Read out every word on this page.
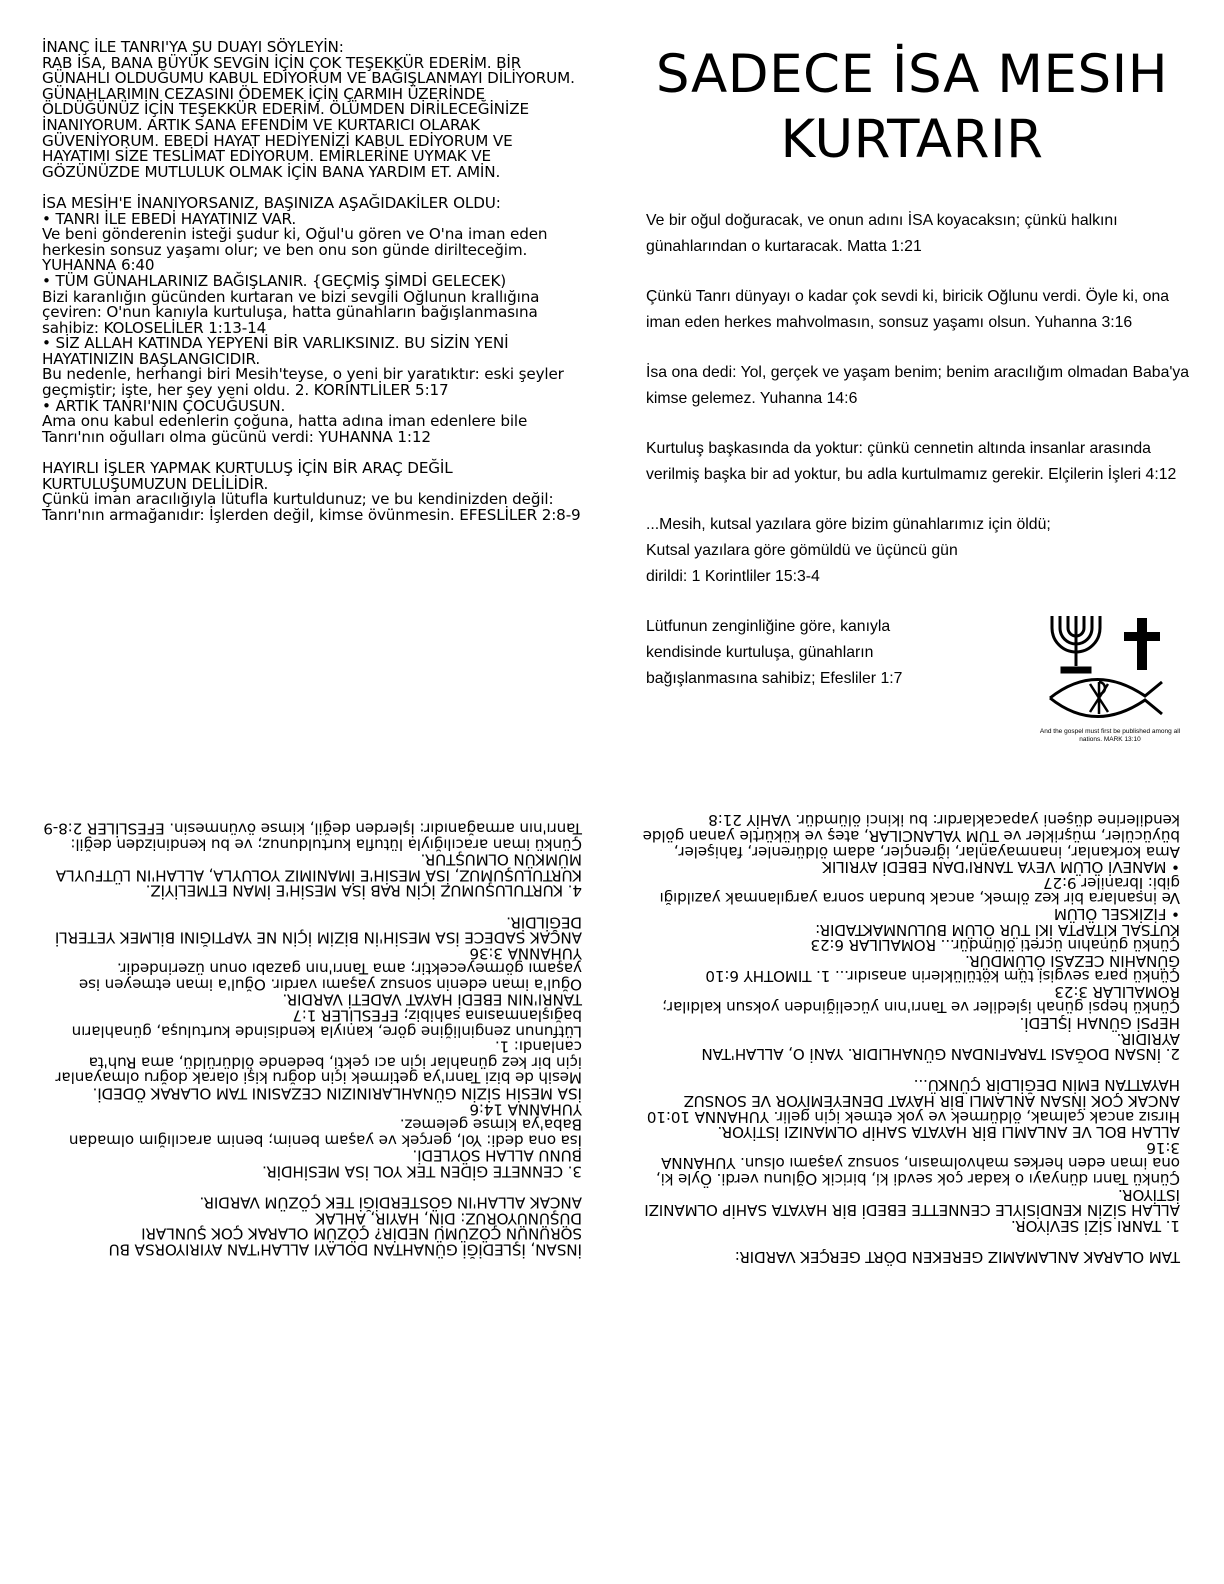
İNANÇ İLE TANRI'YA ŞU DUAYI SÖYLEYİN:
RAB İSA, BANA BÜYÜK SEVGİN İÇİN ÇOK TEŞEKKÜR EDERİM. BİR GÜNAHLI OLDUĞUMU KABUL EDİYORUM VE BAĞIŞLANMAYI DİLİYORUM. GÜNAHLARIMIN CEZASINI ÖDEMEK İÇİN ÇARMIH ÜZERİNDE ÖLDÜĞÜNÜZ İÇİN TEŞEKKÜR EDERİM. ÖLÜMDEN DİRİLECEĞİNİZE İNANIYORUM. ARTIK SANA EFENDİM VE KURTARICI OLARAK GÜVENİYORUM. EBEDİ HAYAT HEDİYENİZİ KABUL EDİYORUM VE HAYATIMI SİZE TESLİMAT EDİYORUM. EMİRLERİNE UYMAK VE GÖZÜNÜZDE MUTLULUK OLMAK İÇİN BANA YARDIM ET. AMİN.

İSA MESİH'E İNANIYORSANIZ, BAŞINIZA AŞAĞIDAKİLER OLDU:
• TANRI İLE EBEDİ HAYATINIZ VAR.
Ve beni gönderenin isteği şudur ki, Oğul'u gören ve O'na iman eden herkesin sonsuz yaşamı olur; ve ben onu son günde dirilteceğim. YUHANNA 6:40
• TÜM GÜNAHLARINIZ BAĞIŞLANIR. {GEÇMİŞ ŞİMDİ GELECEK)
Bizi karanlığın gücünden kurtaran ve bizi sevgili Oğlunun krallığına çeviren: O'nun kanıyla kurtuluşa, hatta günahların bağışlanmasına sahibiz: KOLOSELİLER 1:13-14
• SİZ ALLAH KATINDA YEPYENİ BİR VARLIKSINIZ. BU SİZİN YENİ HAYATINIZIN BAŞLANGICIDIR.
Bu nedenle, herhangi biri Mesih'teyse, o yeni bir yaratıktır: eski şeyler geçmiştir; işte, her şey yeni oldu. 2. KORİNTLİLER 5:17
• ARTIK TANRI'NIN ÇOCUĞUSUN.
Ama onu kabul edenlerin çoğuna, hatta adına iman edenlere bile Tanrı'nın oğulları olma gücünü verdi: YUHANNA 1:12

HAYIRLI İŞLER YAPMAK KURTULUŞ İÇİN BİR ARAÇ DEĞİL KURTULUŞUMUZUN DELİLİDİR.
Çünkü iman aracılığıyla lütufla kurtuldunuz; ve bu kendinizden değil: Tanrı'nın armağanıdır: İşlerden değil, kimse övünmesin. EFESLİLER 2:8-9

SADECE İSA MESIH KURTARIR

Ve bir oğul doğuracak, ve onun adını İSA koyacaksın; çünkü halkını günahlarından o kurtaracak. Matta 1:21

Çünkü Tanrı dünyayı o kadar çok sevdi ki, biricik Oğlunu verdi. Öyle ki, ona iman eden herkes mahvolmasın, sonsuz yaşamı olsun. Yuhanna 3:16

İsa ona dedi: Yol, gerçek ve yaşam benim; benim aracılığım olmadan Baba'ya kimse gelemez. Yuhanna 14:6

Kurtuluş başkasında da yoktur: çünkü cennetin altında insanlar arasında verilmiş başka bir ad yoktur, bu adla kurtulmamız gerekir. Elçilerin İşleri 4:12

...Mesih, kutsal yazılara göre bizim günahlarımız için öldü;
Kutsal yazılara göre gömüldü ve üçüncü gün
dirildi: 1 Korintliler 15:3-4

Lütfunun zenginliğine göre, kanıyla
kendisinde kurtuluşa, günahların
bağışlanmasına sahibiz; Efesliler 1:7

And the gospel must first be published among all nations. MARK 13:10

İNSAN, İŞLEDİĞİ GÜNAHTAN DOLAYI ALLAH'TAN AYIRIYORSA BU SORUNUN ÇÖZÜMÜ NEDİR? ÇÖZÜM OLARAK ÇOK ŞUNLARI DÜŞÜNÜYORUZ: DİN, HAYIR, AHLAK
ANCAK ALLAH'IN GÖSTERDİĞİ TEK ÇÖZÜM VARDIR.

3. CENNETE GİDEN TEK YOL İSA MESİHDİR.
BUNU ALLAH SÖYLEDİ.
İsa ona dedi: Yol, gerçek ve yaşam benim; benim aracılığım olmadan Baba'ya kimse gelemez.
YUHANNA 14:6
İSA MESİH SİZİN GÜNAHLARINIZIN CEZASINI TAM OLARAK ÖDEDİ.
Mesih de bizi Tanrı'ya getirmek için doğru kişi olarak doğru olmayanlar için bir kez günahlar için acı çekti, bedende öldürüldü, ama Ruh'ta canlandı: 1.
Lütfunun zenginliğine göre, kanıyla kendisinde kurtuluşa, günahların bağışlanmasına sahibiz; EFESLİLER 1:7
TANRI'NIN EBEDİ HAYAT VADETİ VARDIR.
Oğul'a iman edenin sonsuz yaşamı vardır. Oğul'a iman etmeyen ise yaşamı görmeyecektir; ama Tanrı'nın gazabı onun üzerindedir. YUHANNA 3:36
ANCAK SADECE İSA MESİH'İN BİZİM İÇİN NE YAPTIĞINI BİLMEK YETERLİ DEĞİLDİR.

4. KURTULUŞUMUZ İÇİN RAB İSA MESİH'E İMAN ETMELİYİZ. KURTULUŞUMUZ, İSA MESİH'E İMANIMIZ YOLUYLA, ALLAH'IN LÜTFUYLA MÜMKÜN OLMUŞTUR.
Çünkü iman aracılığıyla lütufla kurtuldunuz; ve bu kendinizden değil: Tanrı'nın armağanıdır: İşlerden değil, kimse övünmesin. EFESLİLER 2:8-9

TAM OLARAK ANLAMAMIZ GEREKEN DÖRT GERÇEK VARDIR:

1. TANRI SİZİ SEVİYOR.
ALLAH SİZİN KENDİSİYLE CENNETTE EBEDİ BİR HAYATA SAHİP OLMANIZI İSTİYOR.
Çünkü Tanrı dünyayı o kadar çok sevdi ki, biricik Oğlunu verdi. Öyle ki, ona iman eden herkes mahvolmasın, sonsuz yaşamı olsun. YUHANNA 3:16
ALLAH BOL VE ANLAMLI BİR HAYATA SAHİP OLMANIZI İSTİYOR.
Hırsız ancak çalmak, öldürmek ve yok etmek için gelir. YUHANNA 10:10
ANCAK ÇOK İNSAN ANLAMLI BİR HAYAT DENEYEMİYOR VE SONSUZ HAYATTAN EMİN DEĞİLDİR ÇÜNKÜ...

2. İNSAN DOĞASI TARAFINDAN GÜNAHLIDIR. YANİ O, ALLAH'TAN AYRIDIR.
HEPSİ GÜNAH İŞLEDİ.
Çünkü hepsi günah işlediler ve Tanrı'nın yüceliğinden yoksun kaldılar; ROMALILAR 3:23
Çünkü para sevgisi tüm kötülüklerin anasıdır... 1. TIMOTHY 6:10
GÜNAHIN CEZASI ÖLÜMDÜR.
Çünkü günahın ücreti ölümdür... ROMALILAR 6:23
KUTSAL KİTAPTA İKİ TÜR ÖLÜM BULUNMAKTADIR:
• FİZİKSEL ÖLÜM
Ve insanlara bir kez ölmek, ancak bundan sonra yargılanmak yazıldığı gibi: İbraniler 9:27
• MANEVİ ÖLÜM VEYA TANRI'DAN EBEDİ AYRILIK
Ama korkanlar, inanmayanlar, iğrençler, adam öldürenler, fahişeler, büyücüler, müşrikler ve TÜM YALANCILAR, ateş ve kükürtle yanan gölde kendilerine düşeni yapacaklardır: bu ikinci ölümdür. VAHİY 21:8
